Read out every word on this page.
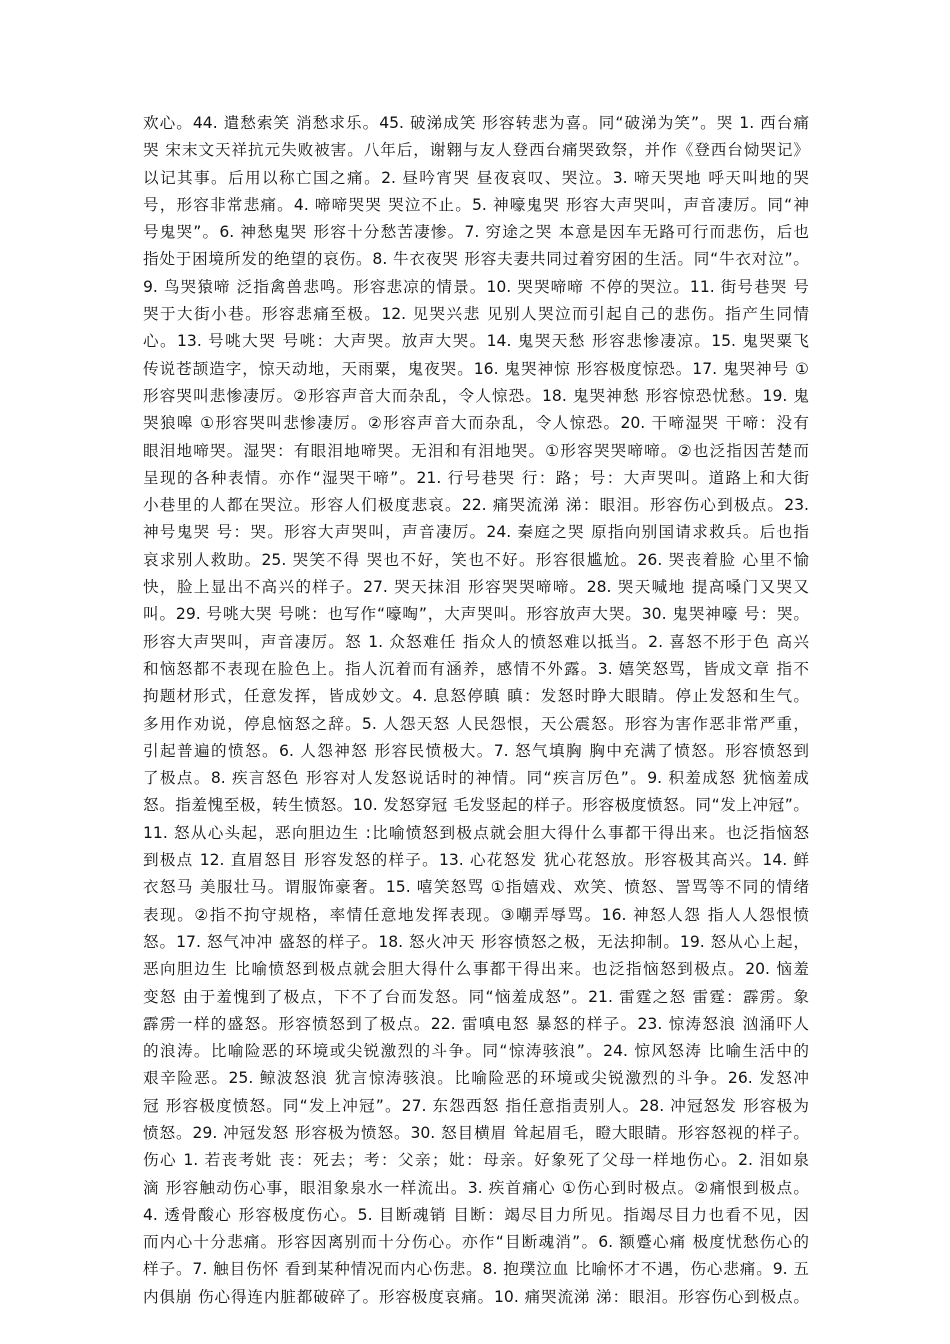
欢心。44. 遣愁索笑 消愁求乐。45. 破涕成笑 形容转悲为喜。同“破涕为笑”。哭 1. 西台痛
哭 宋末文天祥抗元失败被害。八年后，谢翱与友人登西台痛哭致祭，并作《登西台恸哭记》
以记其事。后用以称亡国之痛。2. 昼吟宵哭 昼夜哀叹、哭泣。3. 啼天哭地 呼天叫地的哭
号，形容非常悲痛。4. 啼啼哭哭 哭泣不止。5. 神嚎鬼哭 形容大声哭叫，声音凄厉。同“神
号鬼哭”。6. 神愁鬼哭 形容十分愁苦凄惨。7. 穷途之哭 本意是因车无路可行而悲伤，后也
指处于困境所发的绝望的哀伤。8. 牛衣夜哭 形容夫妻共同过着穷困的生活。同“牛衣对泣”。
9. 鸟哭猿啼 泛指禽兽悲鸣。形容悲凉的情景。10. 哭哭啼啼 不停的哭泣。11. 街号巷哭 号
哭于大街小巷。形容悲痛至极。12. 见哭兴悲 见别人哭泣而引起自己的悲伤。指产生同情
心。13. 号咷大哭 号咷：大声哭。放声大哭。14. 鬼哭天愁 形容悲惨凄凉。15. 鬼哭粟飞
传说苍颉造字，惊天动地，天雨粟，鬼夜哭。16. 鬼哭神惊 形容极度惊恐。17. 鬼哭神号 ①
形容哭叫悲惨凄厉。②形容声音大而杂乱，令人惊恐。18. 鬼哭神愁 形容惊恐忧愁。19. 鬼
哭狼嗥 ①形容哭叫悲惨凄厉。②形容声音大而杂乱，令人惊恐。20. 干啼湿哭 干啼：没有
眼泪地啼哭。湿哭：有眼泪地啼哭。无泪和有泪地哭。①形容哭哭啼啼。②也泛指因苦楚而
呈现的各种表情。亦作“湿哭干啼”。21. 行号巷哭 行：路；号：大声哭叫。道路上和大街
小巷里的人都在哭泣。形容人们极度悲哀。22. 痛哭流涕 涕：眼泪。形容伤心到极点。23.
神号鬼哭 号：哭。形容大声哭叫，声音凄厉。24. 秦庭之哭 原指向别国请求救兵。后也指
哀求别人救助。25. 哭笑不得 哭也不好，笑也不好。形容很尴尬。26. 哭丧着脸 心里不愉
快，脸上显出不高兴的样子。27. 哭天抹泪 形容哭哭啼啼。28. 哭天喊地 提高嗓门又哭又
叫。29. 号咷大哭 号咷：也写作“嚎啕”，大声哭叫。形容放声大哭。30. 鬼哭神嚎 号：哭。
形容大声哭叫，声音凄厉。怒 1. 众怒难任 指众人的愤怒难以抵当。2. 喜怒不形于色 高兴
和恼怒都不表现在脸色上。指人沉着而有涵养，感情不外露。3. 嬉笑怒骂，皆成文章 指不
拘题材形式，任意发挥，皆成妙文。4. 息怒停瞋 瞋：发怒时睁大眼睛。停止发怒和生气。
多用作劝说，停息恼怒之辞。5. 人怨天怒 人民怨恨，天公震怒。形容为害作恶非常严重，
引起普遍的愤怒。6. 人怨神怒 形容民愤极大。7. 怒气填胸 胸中充满了愤怒。形容愤怒到
了极点。8. 疾言怒色 形容对人发怒说话时的神情。同“疾言厉色”。9. 积羞成怒 犹恼羞成
怒。指羞愧至极，转生愤怒。10. 发怒穿冠 毛发竖起的样子。形容极度愤怒。同“发上冲冠”。
11. 怒从心头起，恶向胆边生 :比喻愤怒到极点就会胆大得什么事都干得出来。也泛指恼怒
到极点 12. 直眉怒目 形容发怒的样子。13. 心花怒发 犹心花怒放。形容极其高兴。14. 鲜
衣怒马 美服壮马。谓服饰豪奢。15. 嘻笑怒骂 ①指嬉戏、欢笑、愤怒、詈骂等不同的情绪
表现。②指不拘守规格，率情任意地发挥表现。③嘲弄辱骂。16. 神怒人怨 指人人怨恨愤
怒。17. 怒气冲冲 盛怒的样子。18. 怒火冲天 形容愤怒之极，无法抑制。19. 怒从心上起，
恶向胆边生 比喻愤怒到极点就会胆大得什么事都干得出来。也泛指恼怒到极点。20. 恼羞
变怒 由于羞愧到了极点，下不了台而发怒。同“恼羞成怒”。21. 雷霆之怒 雷霆：霹雳。象
霹雳一样的盛怒。形容愤怒到了极点。22. 雷嗔电怒 暴怒的样子。23. 惊涛怒浪 汹涌吓人
的浪涛。比喻险恶的环境或尖锐激烈的斗争。同“惊涛骇浪”。24. 惊风怒涛 比喻生活中的
艰辛险恶。25. 鲸波怒浪 犹言惊涛骇浪。比喻险恶的环境或尖锐激烈的斗争。26. 发怒冲
冠 形容极度愤怒。同“发上冲冠”。27. 东怨西怒 指任意指责别人。28. 冲冠怒发 形容极为
愤怒。29. 冲冠发怒 形容极为愤怒。30. 怒目横眉 耸起眉毛，瞪大眼睛。形容怒视的样子。
伤心 1. 若丧考妣 丧：死去；考：父亲；妣：母亲。好象死了父母一样地伤心。2. 泪如泉
滴 形容触动伤心事，眼泪象泉水一样流出。3. 疾首痛心 ①伤心到时极点。②痛恨到极点。
4. 透骨酸心 形容极度伤心。5. 目断魂销 目断：竭尽目力所见。指竭尽目力也看不见，因
而内心十分悲痛。形容因离别而十分伤心。亦作“目断魂消”。6. 额蹙心痛 极度忧愁伤心的
样子。7. 触目伤怀 看到某种情况而内心伤悲。8. 抱璞泣血 比喻怀才不遇，伤心悲痛。9. 五
内俱崩 伤心得连内脏都破碎了。形容极度哀痛。10. 痛哭流涕 涕：眼泪。形容伤心到极点。
